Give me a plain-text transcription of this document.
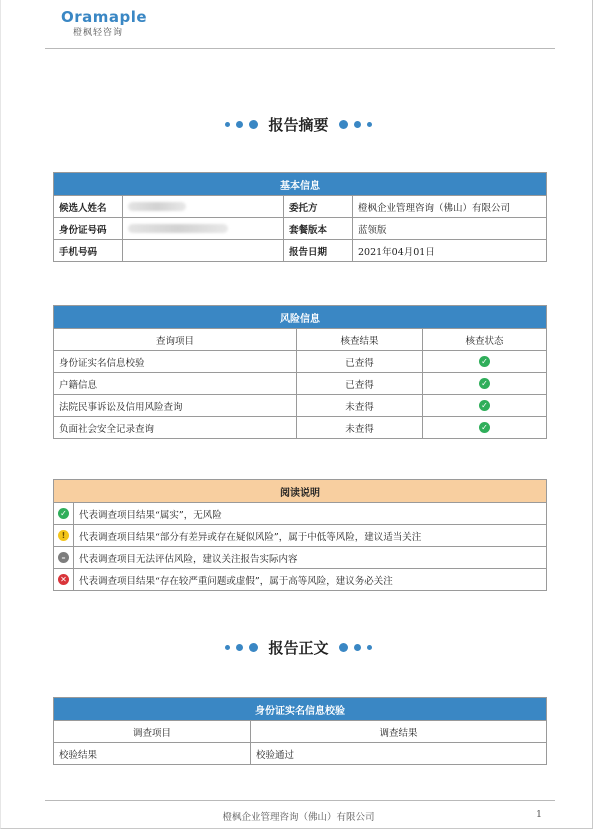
Oramaple
橙枫轻咨询
报告摘要
基本信息			
候选人姓名		委托方	橙枫企业管理咨询（佛山）有限公司
身份证号码		套餐版本	蓝领版
手机号码		报告日期	2021年04月01日
风险信息		
查询项目	核查结果	核查状态
身份证实名信息校验	已查得	✓
户籍信息	已查得	✓
法院民事诉讼及信用风险查询	未查得	✓
负面社会安全记录查询	未查得	✓
阅读说明	
✓	代表调查项目结果“属实”，无风险
!	代表调查项目结果“部分有差异或存在疑似风险”，属于中低等风险，建议适当关注
–	代表调查项目无法评估风险，建议关注报告实际内容
✕	代表调查项目结果“存在较严重问题或虚假”，属于高等风险，建议务必关注
报告正文
身份证实名信息校验	
调查项目	调查结果
校验结果	校验通过
橙枫企业管理咨询（佛山）有限公司	1
